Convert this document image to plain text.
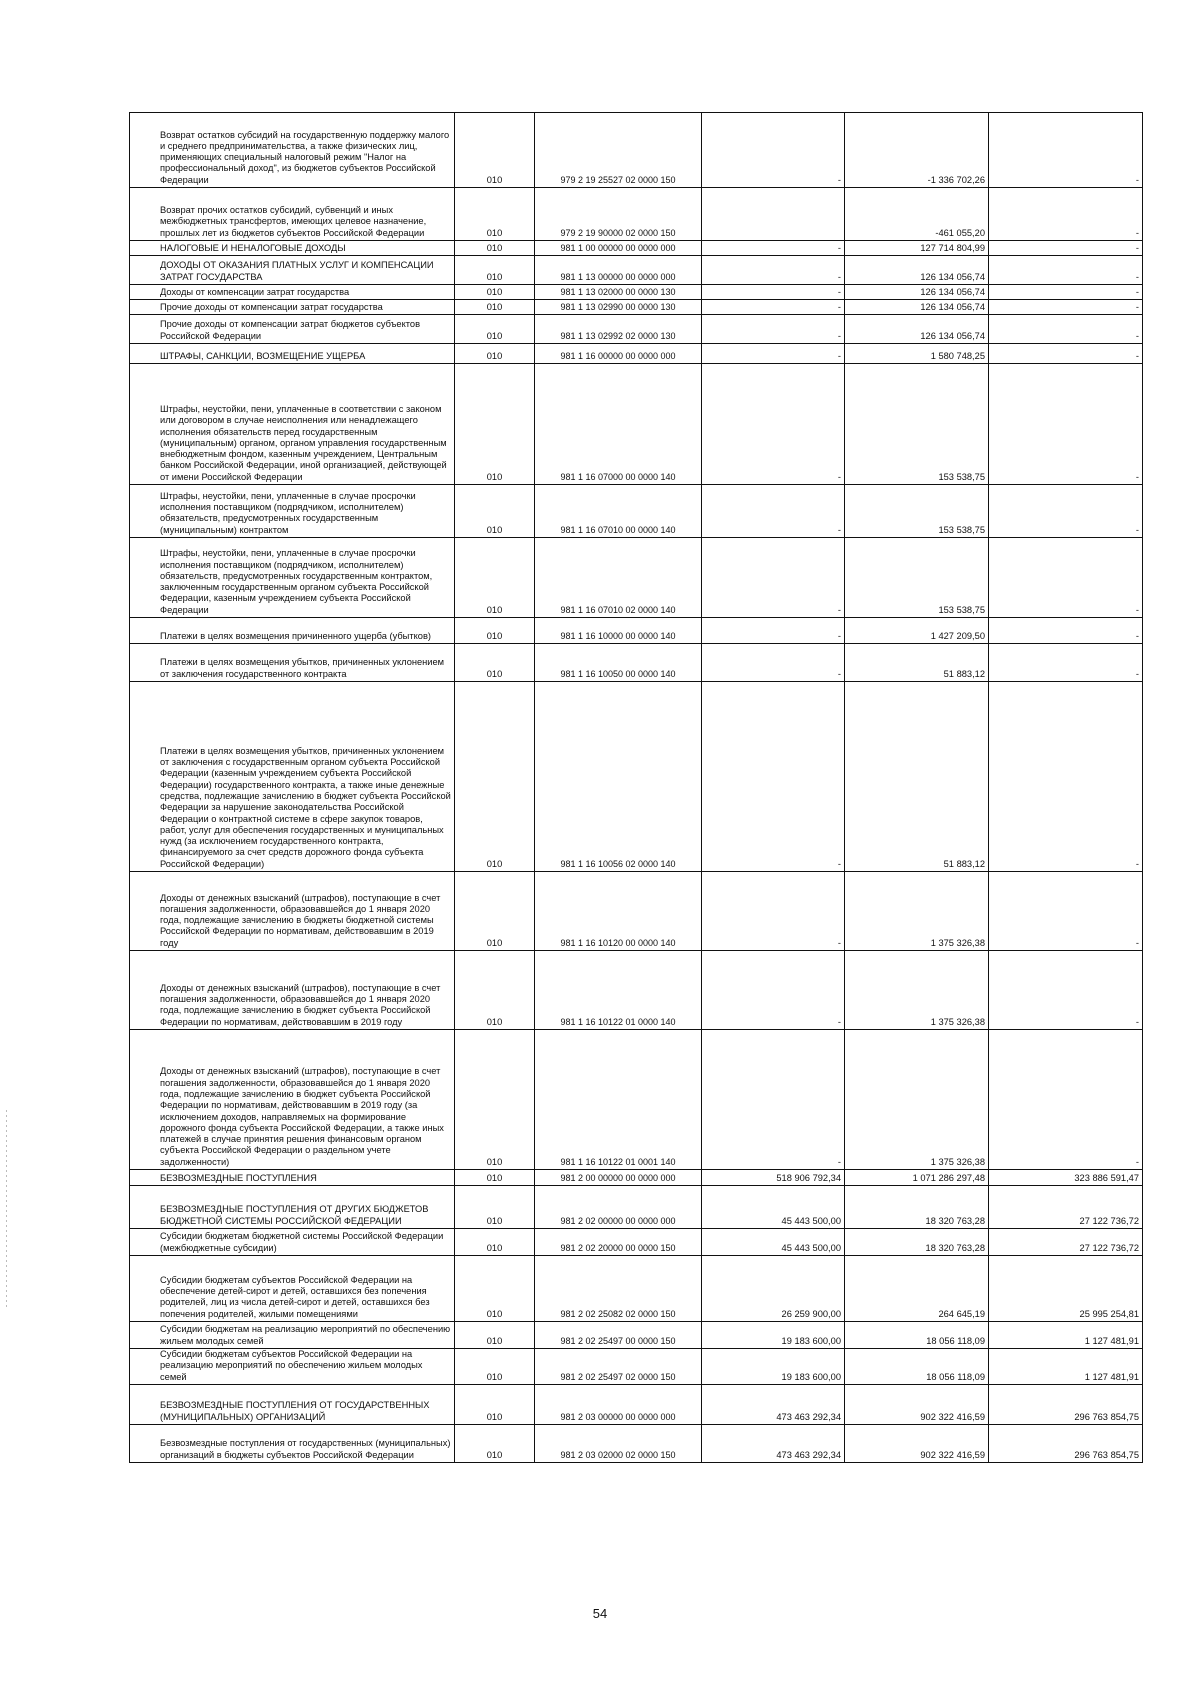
Возврат остатков субсидий на государственную поддержку малого и среднего предпринимательства, а также физических лиц, применяющих специальный налоговый режим "Налог на профессиональный доход", из бюджетов субъектов Российской Федерации	010	979 2 19 25527 02 0000 150	-	-1 336 702,26	-
Возврат прочих остатков субсидий, субвенций и иных межбюджетных трансфертов, имеющих целевое назначение, прошлых лет из бюджетов субъектов Российской Федерации	010	979 2 19 90000 02 0000 150		-461 055,20	-
НАЛОГОВЫЕ И НЕНАЛОГОВЫЕ ДОХОДЫ	010	981 1 00 00000 00 0000 000	-	127 714 804,99	-
ДОХОДЫ ОТ ОКАЗАНИЯ ПЛАТНЫХ УСЛУГ И КОМПЕНСАЦИИ ЗАТРАТ ГОСУДАРСТВА	010	981 1 13 00000 00 0000 000	-	126 134 056,74	-
Доходы от компенсации затрат государства	010	981 1 13 02000 00 0000 130	-	126 134 056,74	-
Прочие доходы от компенсации затрат государства	010	981 1 13 02990 00 0000 130	-	126 134 056,74	-
Прочие доходы от компенсации затрат бюджетов субъектов Российской Федерации	010	981 1 13 02992 02 0000 130	-	126 134 056,74	-
ШТРАФЫ, САНКЦИИ, ВОЗМЕЩЕНИЕ УЩЕРБА	010	981 1 16 00000 00 0000 000	-	1 580 748,25	-
Штрафы, неустойки, пени, уплаченные в соответствии с законом или договором в случае неисполнения или ненадлежащего исполнения обязательств перед государственным (муниципальным) органом, органом управления государственным внебюджетным фондом, казенным учреждением, Центральным банком Российской Федерации, иной организацией, действующей от имени Российской Федерации	010	981 1 16 07000 00 0000 140	-	153 538,75	-
Штрафы, неустойки, пени, уплаченные в случае просрочки исполнения поставщиком (подрядчиком, исполнителем) обязательств, предусмотренных государственным (муниципальным) контрактом	010	981 1 16 07010 00 0000 140	-	153 538,75	-
Штрафы, неустойки, пени, уплаченные в случае просрочки исполнения поставщиком (подрядчиком, исполнителем) обязательств, предусмотренных государственным контрактом, заключенным государственным органом субъекта Российской Федерации, казенным учреждением субъекта Российской Федерации	010	981 1 16 07010 02 0000 140	-	153 538,75	-
Платежи в целях возмещения причиненного ущерба (убытков)	010	981 1 16 10000 00 0000 140	-	1 427 209,50	-
Платежи в целях возмещения убытков, причиненных уклонением от заключения государственного контракта	010	981 1 16 10050 00 0000 140	-	51 883,12	-
Платежи в целях возмещения убытков, причиненных уклонением от заключения с государственным органом субъекта Российской Федерации (казенным учреждением субъекта Российской Федерации) государственного контракта, а также иные денежные средства, подлежащие зачислению в бюджет субъекта Российской Федерации за нарушение законодательства Российской Федерации о контрактной системе в сфере закупок товаров, работ, услуг для обеспечения государственных и муниципальных нужд (за исключением государственного контракта, финансируемого за счет средств дорожного фонда субъекта Российской Федерации)	010	981 1 16 10056 02 0000 140	-	51 883,12	-
Доходы от денежных взысканий (штрафов), поступающие в счет погашения задолженности, образовавшейся до 1 января 2020 года, подлежащие зачислению в бюджеты бюджетной системы Российской Федерации по нормативам, действовавшим в 2019 году	010	981 1 16 10120 00 0000 140	-	1 375 326,38	-
Доходы от денежных взысканий (штрафов), поступающие в счет погашения задолженности, образовавшейся до 1 января 2020 года, подлежащие зачислению в бюджет субъекта Российской Федерации по нормативам, действовавшим в 2019 году	010	981 1 16 10122 01 0000 140	-	1 375 326,38	-
Доходы от денежных взысканий (штрафов), поступающие в счет погашения задолженности, образовавшейся до 1 января 2020 года, подлежащие зачислению в бюджет субъекта Российской Федерации по нормативам, действовавшим в 2019 году (за исключением доходов, направляемых на формирование дорожного фонда субъекта Российской Федерации, а также иных платежей в случае принятия решения финансовым органом субъекта Российской Федерации о раздельном учете задолженности)	010	981 1 16 10122 01 0001 140	-	1 375 326,38	-
БЕЗВОЗМЕЗДНЫЕ ПОСТУПЛЕНИЯ	010	981 2 00 00000 00 0000 000	518 906 792,34	1 071 286 297,48	323 886 591,47
БЕЗВОЗМЕЗДНЫЕ ПОСТУПЛЕНИЯ ОТ ДРУГИХ БЮДЖЕТОВ БЮДЖЕТНОЙ СИСТЕМЫ РОССИЙСКОЙ ФЕДЕРАЦИИ	010	981 2 02 00000 00 0000 000	45 443 500,00	18 320 763,28	27 122 736,72
Субсидии бюджетам бюджетной системы Российской Федерации (межбюджетные субсидии)	010	981 2 02 20000 00 0000 150	45 443 500,00	18 320 763,28	27 122 736,72
Субсидии бюджетам субъектов Российской Федерации на обеспечение детей-сирот и детей, оставшихся без попечения родителей, лиц из числа детей-сирот и детей, оставшихся без попечения родителей, жилыми помещениями	010	981 2 02 25082 02 0000 150	26 259 900,00	264 645,19	25 995 254,81
Субсидии бюджетам на реализацию мероприятий по обеспечению жильем молодых семей	010	981 2 02 25497 00 0000 150	19 183 600,00	18 056 118,09	1 127 481,91
Субсидии бюджетам субъектов Российской Федерации на реализацию мероприятий по обеспечению жильем молодых семей	010	981 2 02 25497 02 0000 150	19 183 600,00	18 056 118,09	1 127 481,91
БЕЗВОЗМЕЗДНЫЕ ПОСТУПЛЕНИЯ ОТ ГОСУДАРСТВЕННЫХ (МУНИЦИПАЛЬНЫХ) ОРГАНИЗАЦИЙ	010	981 2 03 00000 00 0000 000	473 463 292,34	902 322 416,59	296 763 854,75
Безвозмездные поступления от государственных (муниципальных) организаций в бюджеты субъектов Российской Федерации	010	981 2 03 02000 02 0000 150	473 463 292,34	902 322 416,59	296 763 854,75
54
